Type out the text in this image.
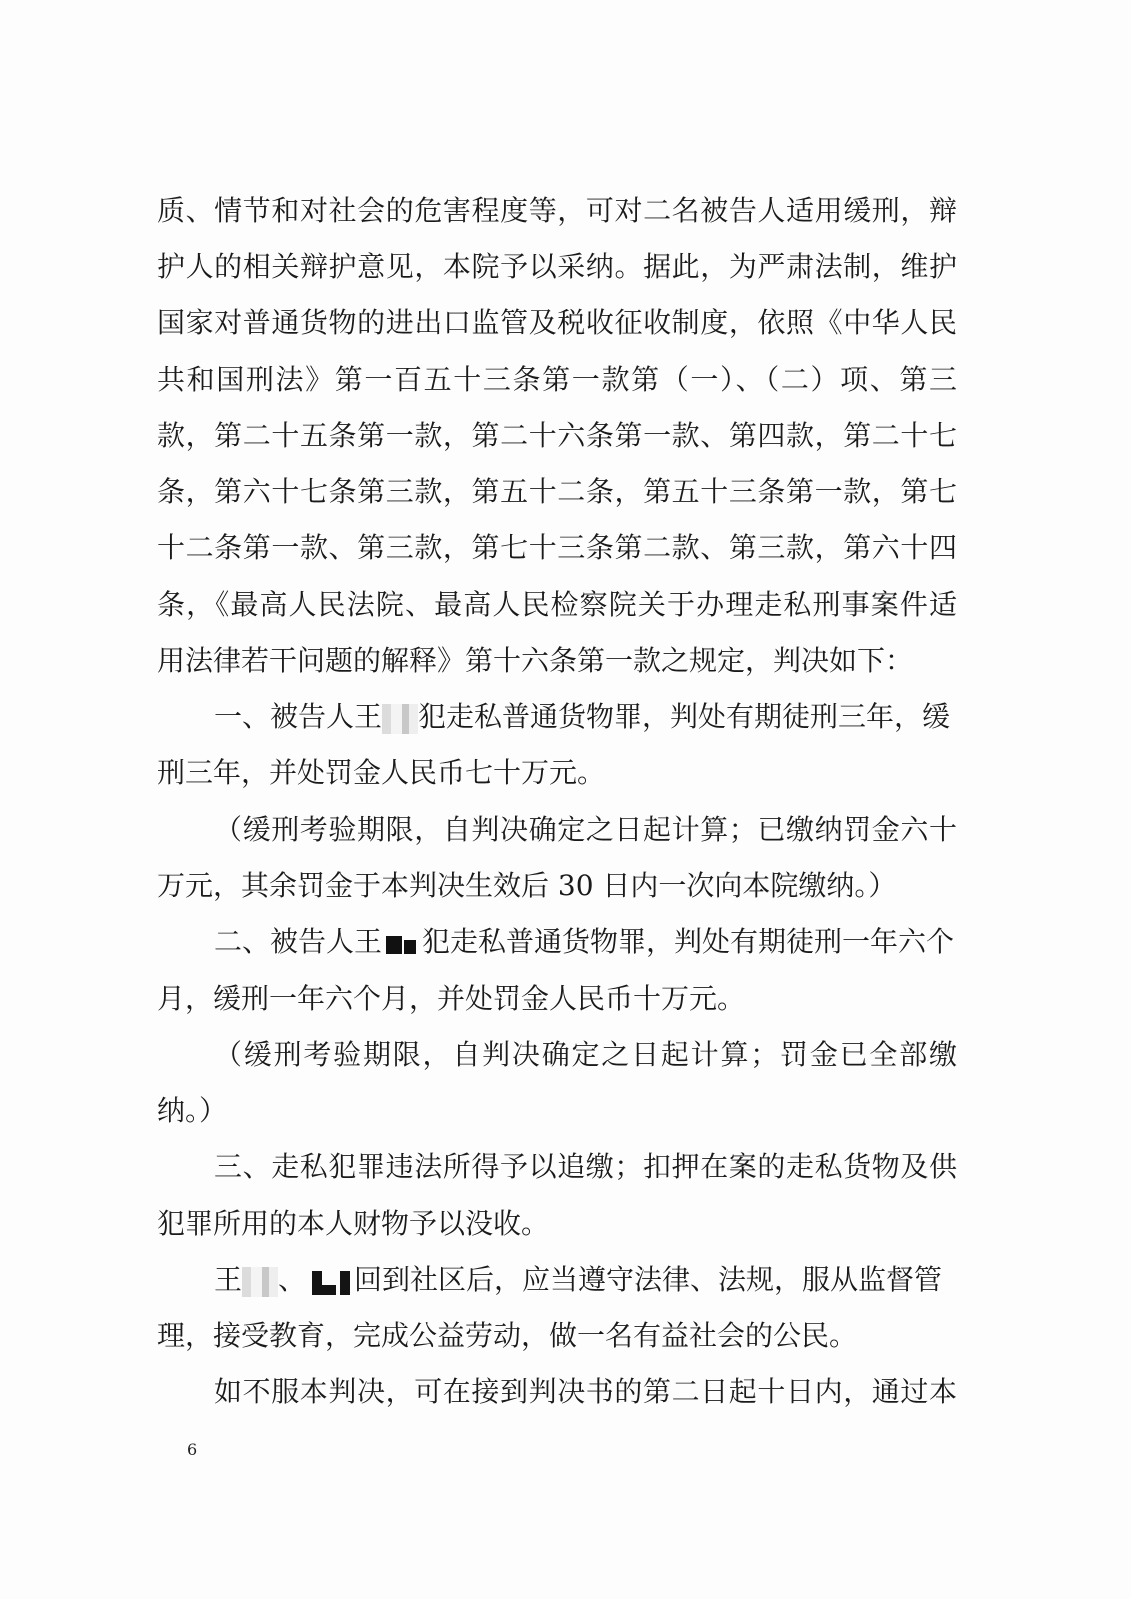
质、情节和对社会的危害程度等，可对二名被告人适用缓刑，辩
护人的相关辩护意见，本院予以采纳。据此，为严肃法制，维护
国家对普通货物的进出口监管及税收征收制度，依照《中华人民
共和国刑法》第一百五十三条第一款第（一）、（二）项、第三
款，第二十五条第一款，第二十六条第一款、第四款，第二十七
条，第六十七条第三款，第五十二条，第五十三条第一款，第七
十二条第一款、第三款，第七十三条第二款、第三款，第六十四
条，《最高人民法院、最高人民检察院关于办理走私刑事案件适
用法律若干问题的解释》第十六条第一款之规定，判决如下：
一、被告人王 犯走私普通货物罪，判处有期徒刑三年，缓
刑三年，并处罚金人民币七十万元。
（缓刑考验期限，自判决确定之日起计算；已缴纳罚金六十
万元，其余罚金于本判决生效后 30 日内一次向本院缴纳。）
二、被告人王 犯走私普通货物罪，判处有期徒刑一年六个
月，缓刑一年六个月，并处罚金人民币十万元。
（缓刑考验期限，自判决确定之日起计算；罚金已全部缴
纳。）
三、走私犯罪违法所得予以追缴；扣押在案的走私货物及供
犯罪所用的本人财物予以没收。
王 、 回到社区后，应当遵守法律、法规，服从监督管
理，接受教育，完成公益劳动，做一名有益社会的公民。
如不服本判决，可在接到判决书的第二日起十日内，通过本
6
